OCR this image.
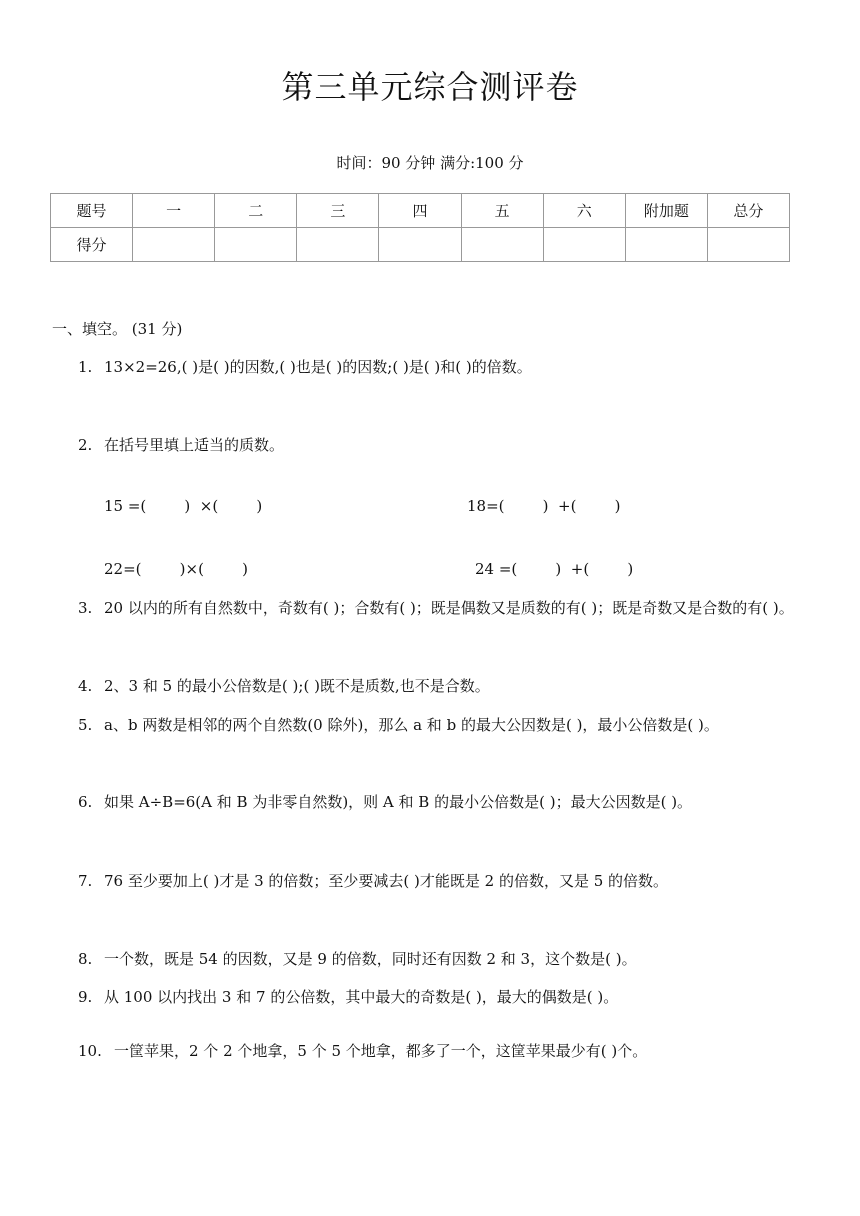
第三单元综合测评卷
时间：90 分钟 满分:100 分
题号	一	二	三	四	五	六	附加题	总分
得分								
一、填空。 (31 分)
1. 13×2=26,( )是( )的因数,( )也是( )的因数;( )是( )和( )的倍数。
2. 在括号里填上适当的质数。
15 =(        )  ×(        )	18=(        )  +(        )
22=(        )×(        )	24 =(        )  +(        )
3. 20 以内的所有自然数中，奇数有( )；合数有( )；既是偶数又是质数的有( )；既是奇数又是合数的有( )。
4. 2、3 和 5 的最小公倍数是( );( )既不是质数,也不是合数。
5. a、b 两数是相邻的两个自然数(0 除外)，那么 a 和 b 的最大公因数是( )，最小公倍数是( )。
6. 如果 A÷B=6(A 和 B 为非零自然数)，则 A 和 B 的最小公倍数是( )；最大公因数是( )。
7. 76 至少要加上( )才是 3 的倍数；至少要减去( )才能既是 2 的倍数，又是 5 的倍数。
8. 一个数，既是 54 的因数，又是 9 的倍数，同时还有因数 2 和 3，这个数是( )。
9. 从 100 以内找出 3 和 7 的公倍数，其中最大的奇数是( )，最大的偶数是( )。
10. 一筐苹果，2 个 2 个地拿，5 个 5 个地拿，都多了一个，这筐苹果最少有( )个。
